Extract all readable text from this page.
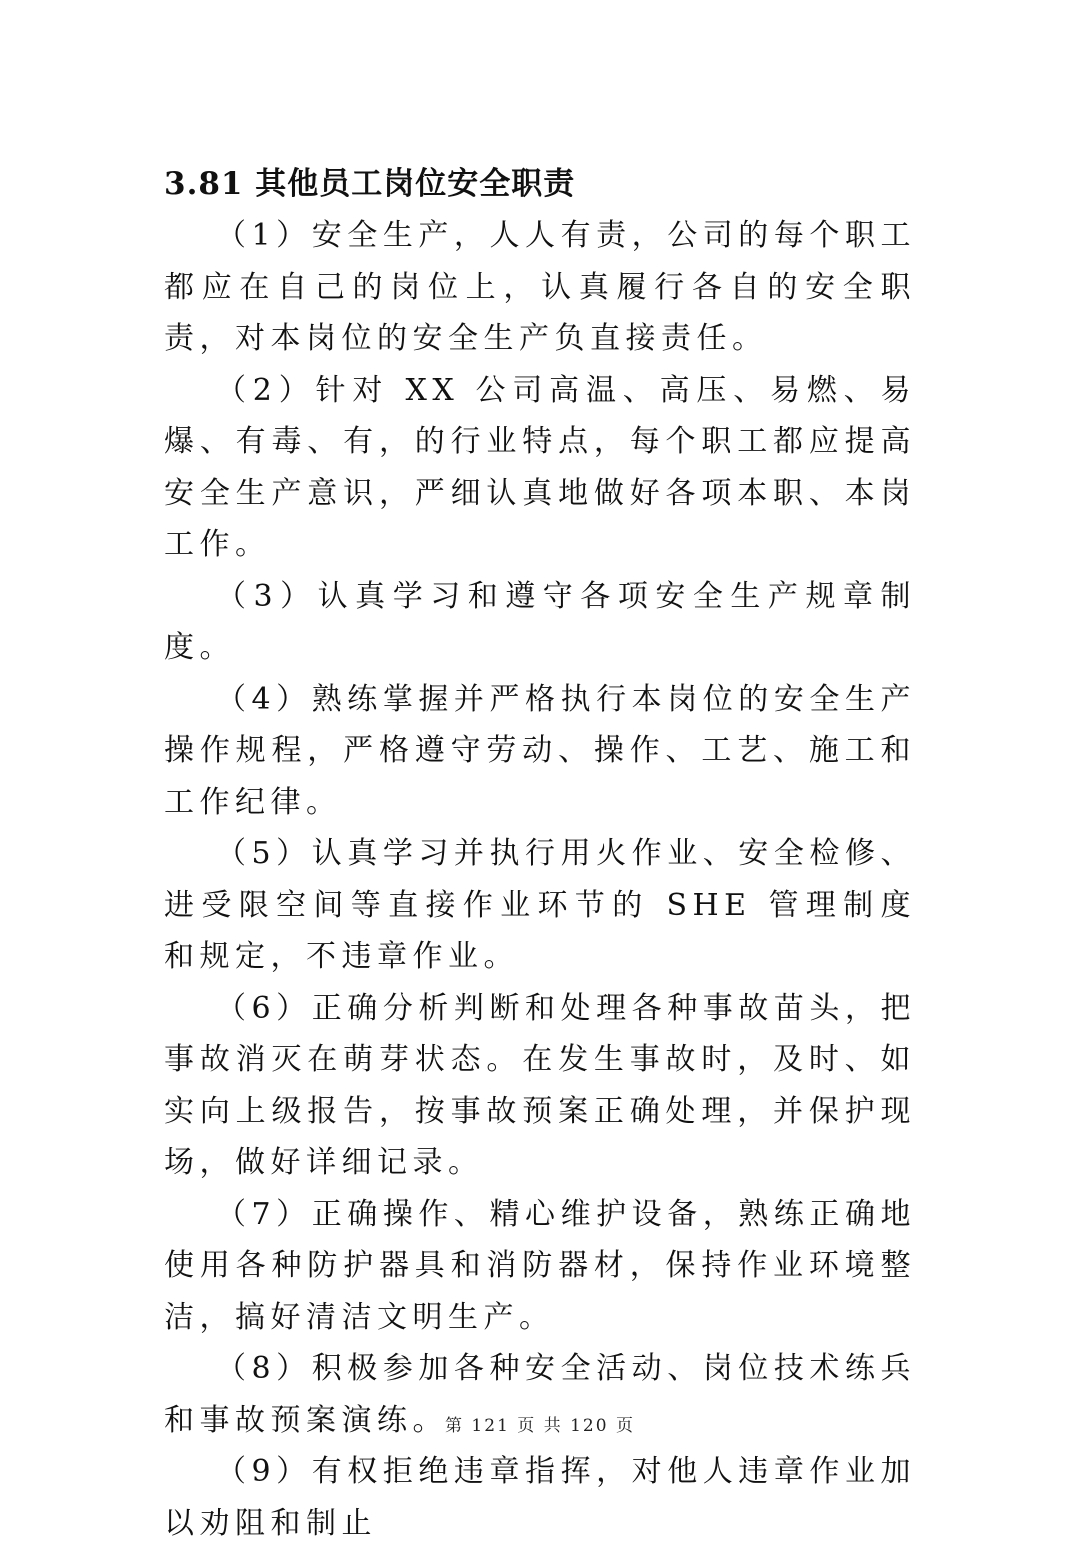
3.81 其他员工岗位安全职责

（1）安全生产，人人有责，公司的每个职工都应在自己的岗位上，认真履行各自的安全职责，对本岗位的安全生产负直接责任。

（2）针对 XX 公司高温、高压、易燃、易爆、有毒、有，的行业特点，每个职工都应提高安全生产意识，严细认真地做好各项本职、本岗工作。

（3）认真学习和遵守各项安全生产规章制度。

（4）熟练掌握并严格执行本岗位的安全生产操作规程，严格遵守劳动、操作、工艺、施工和工作纪律。

（5）认真学习并执行用火作业、安全检修、进受限空间等直接作业环节的 SHE 管理制度和规定，不违章作业。

（6）正确分析判断和处理各种事故苗头，把事故消灭在萌芽状态。在发生事故时，及时、如实向上级报告，按事故预案正确处理，并保护现场，做好详细记录。

（7）正确操作、精心维护设备，熟练正确地使用各种防护器具和消防器材，保持作业环境整洁，搞好清洁文明生产。

（8）积极参加各种安全活动、岗位技术练兵和事故预案演练。

（9）有权拒绝违章指挥，对他人违章作业加以劝阻和制止

第 121 页 共 120 页
